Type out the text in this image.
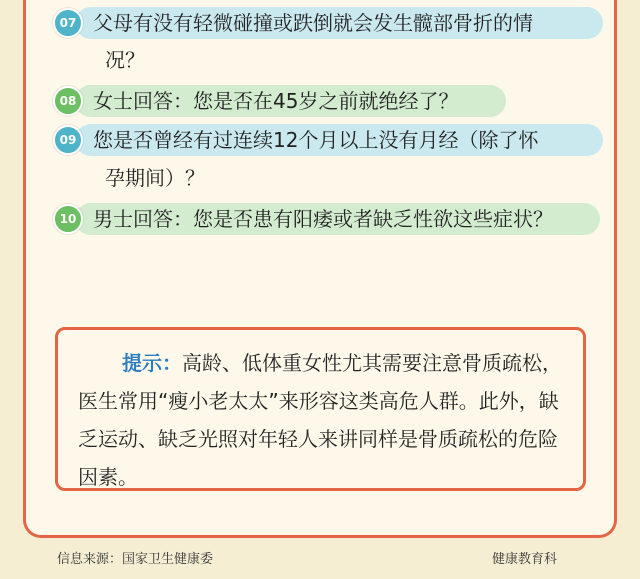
父母有没有轻微碰撞或跌倒就会发生髋部骨折的情
07
况？
女士回答：您是否在45岁之前就绝经了？
08
您是否曾经有过连续12个月以上没有月经（除了怀
09
孕期间）？
男士回答：您是否患有阳痿或者缺乏性欲这些症状？
10
提示：高龄、低体重女性尤其需要注意骨质疏松，医生常用“瘦小老太太”来形容这类高危人群。此外，缺乏运动、缺乏光照对年轻人来讲同样是骨质疏松的危险因素。
信息来源：国家卫生健康委	健康教育科
